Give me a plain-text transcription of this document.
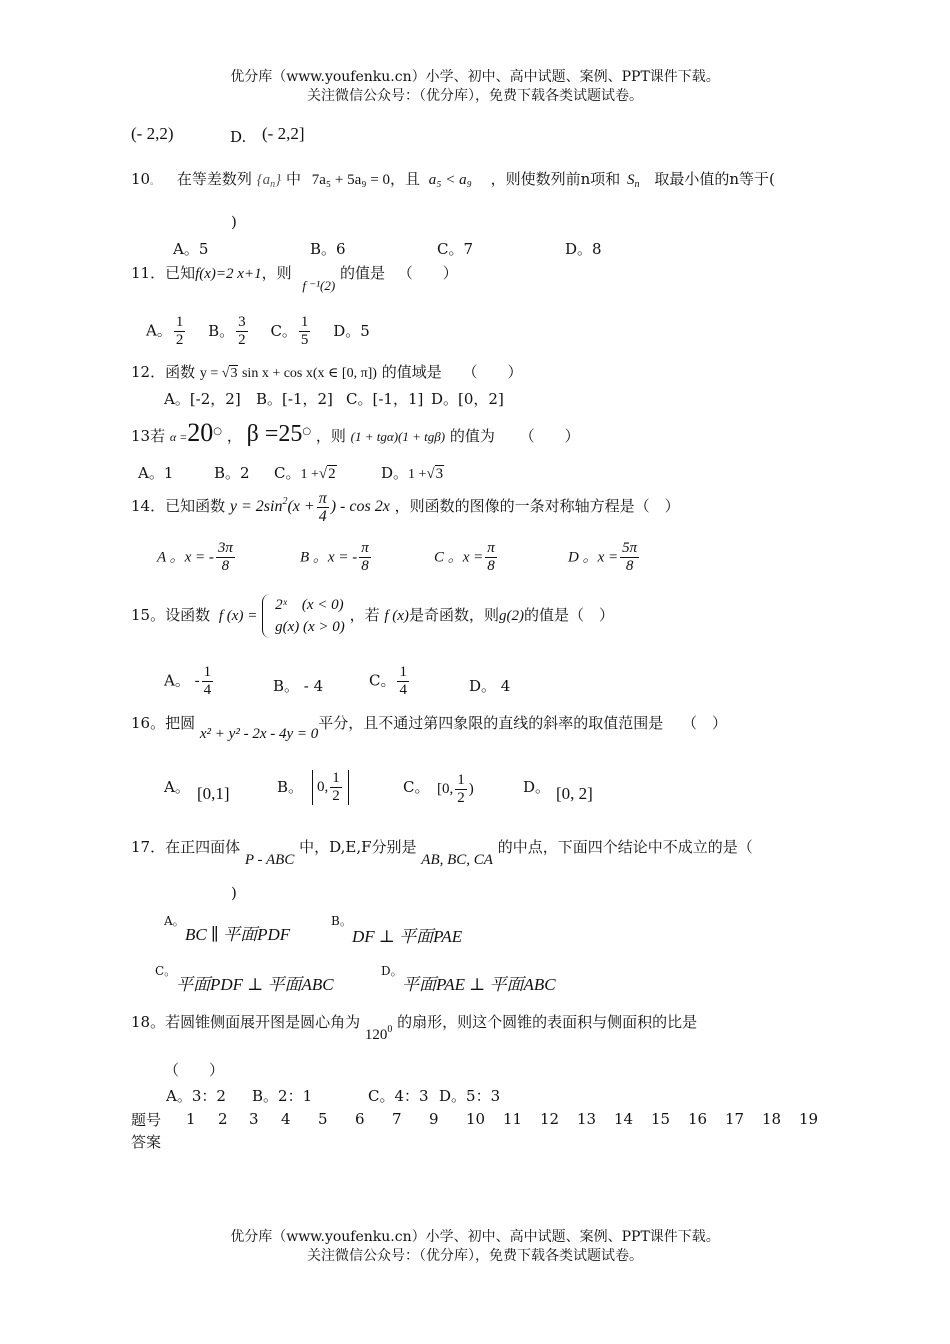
优分库（www.youfenku.cn）小学、初中、高中试题、案例、PPT课件下载。
关注微信公众号：（优分库），免费下载各类试题试卷。
(- 2,2)	D. (- 2,2]
10。 在等差数列 $\{a_n\}$ 中 7a₅ + 5a₉ = 0，且 a₅ < a₉ ，则使数列前n项和 $S_n$ 取最小值的n等于(
)
A。5	B。6	C。7	D。8
11．已知f(x)=2 x+1，则 f ⁻¹(2) 的值是 （　　）
A。 $\frac{1}{2}$ B。 $\frac{3}{2}$ C。 $\frac{1}{5}$ D。5
12．函数 y = √3 sin x + cos x(x ∈ [0, π]) 的值域是 （　　）
A。[-2，2] B。[-1，2] C。[-1，1] D。[0，2]
13若 α =20○ ， β =25○ ，则 (1 + tgα)(1 + tgβ) 的值为 （　　）
A。1	B。2 C。1 +√2	D。1 +√3
14．已知函数 $y = 2\sin^2(x + \frac{\pi}{4}$ ) - cos 2x ，则函数的图像的一条对称轴方程是（　）
A 。x = - $\frac{3\pi}{8}$	B 。x = - $\frac{\pi}{8}$	C 。$x = \frac{\pi}{8}$	D 。$x = \frac{5\pi}{8}$
15。设函数 f (x) =
2ˣ　(x < 0)
g(x) (x > 0)
，若 f (x)是奇函数，则g(2)的值是（　）
A。 - $\frac{1}{4}$	B。 - 4	C。 $\frac{1}{4}$	D。 4
16。把圆 x² + y² - 2x - 4y = 0平分，且不通过第四象限的直线的斜率的取值范围是 （　）
A。 [0,1]	B。 0, $\frac{1}{2}$	C。 [0, $\frac{1}{2}$ )	D。 [0, 2]
17．在正四面体 P - ABC 中，D,E,F分别是 AB, BC, CA 的中点，下面四个结论中不成立的是（
)
A。
BC ∥ 平面PDF
B。
DF ⊥ 平面PAE
C。
平面PDF ⊥ 平面ABC
D。
平面PAE ⊥ 平面ABC
18。若圆锥侧面展开图是圆心角为 $120^0$ 的扇形，则这个圆锥的表面积与侧面积的比是
（　　）
A。3：2 B。2：1	C。4：3 D。5：3
题号	1	2	3	4	5	6	7	9	10	11	12	13	14	15	16	17	18	19
答案																		
优分库（www.youfenku.cn）小学、初中、高中试题、案例、PPT课件下载。
关注微信公众号：（优分库），免费下载各类试题试卷。
